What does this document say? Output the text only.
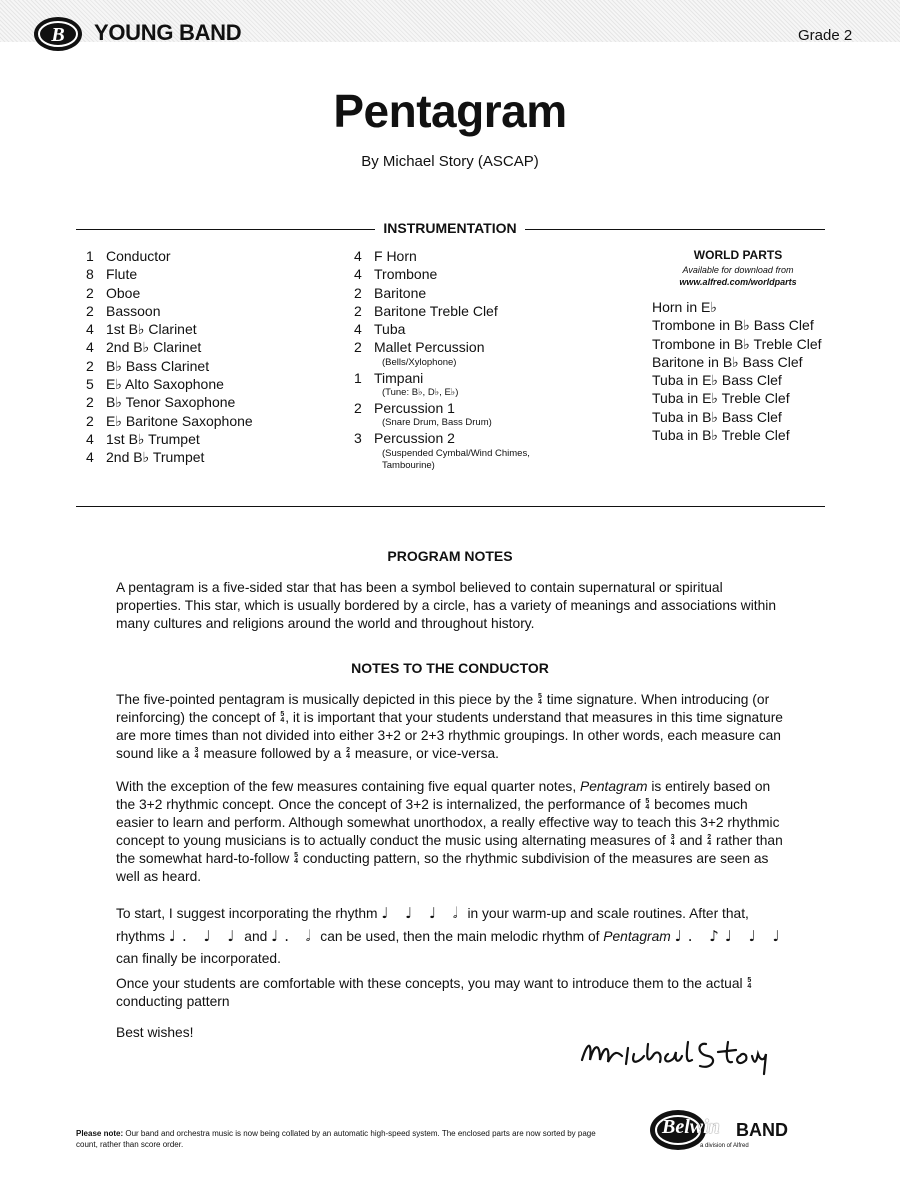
B YOUNG BAND	Grade 2
Pentagram
By Michael Story (ASCAP)
INSTRUMENTATION
1 Conductor
8 Flute
2 Oboe
2 Bassoon
4 1st B♭ Clarinet
4 2nd B♭ Clarinet
2 B♭ Bass Clarinet
5 E♭ Alto Saxophone
2 B♭ Tenor Saxophone
2 E♭ Baritone Saxophone
4 1st B♭ Trumpet
4 2nd B♭ Trumpet
4 F Horn
4 Trombone
2 Baritone
2 Baritone Treble Clef
4 Tuba
2 Mallet Percussion
(Bells/Xylophone)
1 Timpani
(Tune: B♭, D♭, E♭)
2 Percussion 1
(Snare Drum, Bass Drum)
3 Percussion 2
(Suspended Cymbal/Wind Chimes,
Tambourine)
WORLD PARTS
Available for download from
www.alfred.com/worldparts
Horn in E♭
Trombone in B♭ Bass Clef
Trombone in B♭ Treble Clef
Baritone in B♭ Bass Clef
Tuba in E♭ Bass Clef
Tuba in E♭ Treble Clef
Tuba in B♭ Bass Clef
Tuba in B♭ Treble Clef
PROGRAM NOTES
A pentagram is a five-sided star that has been a symbol believed to contain supernatural or spiritual properties. This star, which is usually bordered by a circle, has a variety of meanings and associations within many cultures and religions around the world and throughout history.
NOTES TO THE CONDUCTOR
The five-pointed pentagram is musically depicted in this piece by the 5
4 time signature. When introducing (or reinforcing) the concept of 5
4, it is important that your students understand that measures in this time signature are more times than not divided into either 3+2 or 2+3 rhythmic groupings. In other words, each measure can sound like a 3
4 measure followed by a 2
4 measure, or vice-versa.
With the exception of the few measures containing five equal quarter notes, Pentagram is entirely based on the 3+2 rhythmic concept. Once the concept of 3+2 is internalized, the performance of 5
4 becomes much easier to learn and perform. Although somewhat unorthodox, a really effective way to teach this 3+2 rhythmic concept to young musicians is to actually conduct the music using alternating measures of 3
4 and 2
4 rather than the somewhat hard-to-follow 5
4 conducting pattern, so the rhythmic subdivision of the measures are seen as well as heard.
To start, I suggest incorporating the rhythm ♩ ♩ ♩ 𝅗𝅥 in your warm-up and scale routines. After that, rhythms ♩. ♩ ♩ and ♩. 𝅗𝅥 can be used, then the main melodic rhythm of Pentagram ♩. ♪♩ ♩ ♩ can finally be incorporated.
Once your students are comfortable with these concepts, you may want to introduce them to the actual 5
4 conducting pattern
Best wishes!	Michael Story
Please note: Our band and orchestra music is now being collated by an automatic high-speed system. The enclosed parts are now sorted by page count, rather than score order.
Belwin BAND
a division of Alfred
